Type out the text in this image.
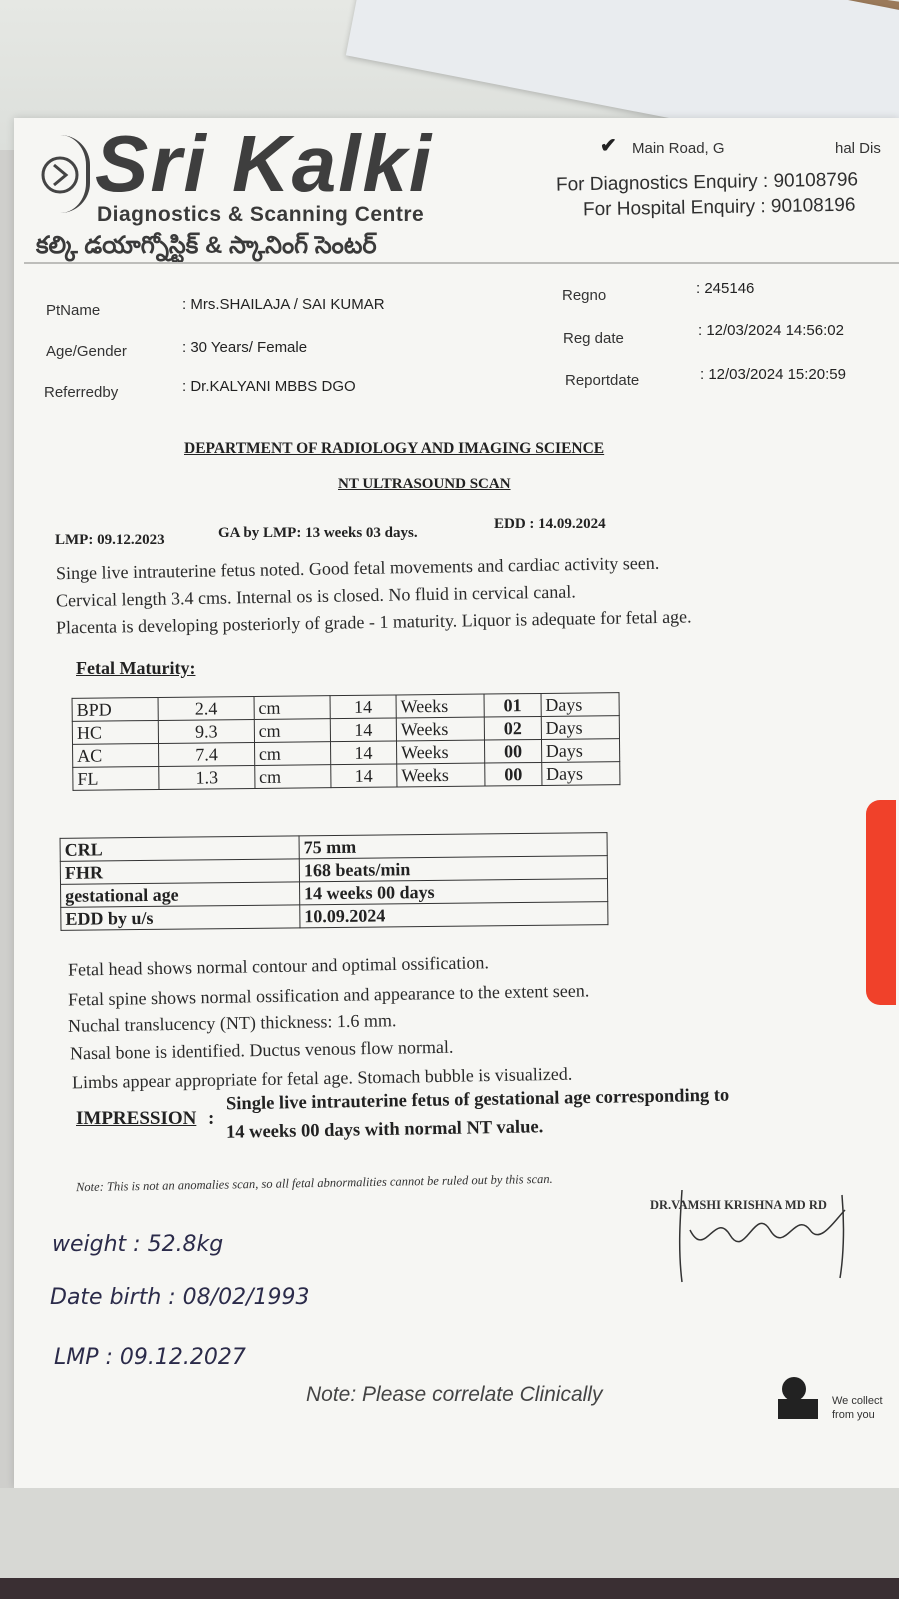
Sri Kalki
Diagnostics & Scanning Centre
కల్కి డయాగ్నోస్టిక్ & స్కానింగ్ సెంటర్
✔ Main Road, G	hal Dis
For Diagnostics Enquiry : 90108796
For Hospital Enquiry : 90108196
PtName	: Mrs.SHAILAJA / SAI KUMAR
Age/Gender	: 30 Years/ Female
Referredby	: Dr.KALYANI MBBS DGO
Regno	: 245146
Reg date	: 12/03/2024 14:56:02
Reportdate	: 12/03/2024 15:20:59
DEPARTMENT OF RADIOLOGY AND IMAGING SCIENCE
NT ULTRASOUND SCAN
LMP: 09.12.2023	GA by LMP: 13 weeks 03 days.
EDD : 14.09.2024
Singe live intrauterine fetus noted. Good fetal movements and cardiac activity seen.
Cervical length 3.4 cms. Internal os is closed. No fluid in cervical canal.
Placenta is developing posteriorly of grade - 1 maturity. Liquor is adequate for fetal age.
Fetal Maturity:
BPD	2.4	cm	14	Weeks	01	Days
HC	9.3	cm	14	Weeks	02	Days
AC	7.4	cm	14	Weeks	00	Days
FL	1.3	cm	14	Weeks	00	Days
CRL	75 mm
FHR	168 beats/min
gestational age	14 weeks 00 days
EDD by u/s	10.09.2024
Fetal head shows normal contour and optimal ossification.
Fetal spine shows normal ossification and appearance to the extent seen.
Nuchal translucency (NT) thickness: 1.6 mm.
Nasal bone is identified. Ductus venous flow normal.
Limbs appear appropriate for fetal age. Stomach bubble is visualized.
IMPRESSION :
Single live intrauterine fetus of gestational age corresponding to
14 weeks 00 days with normal NT value.
Note: This is not an anomalies scan, so all fetal abnormalities cannot be ruled out by this scan.
DR.VAMSHI KRISHNA MD RD
weight : 52.8kg
Date birth : 08/02/1993
LMP : 09.12.2027
Note: Please correlate Clinically	We collect
from you
